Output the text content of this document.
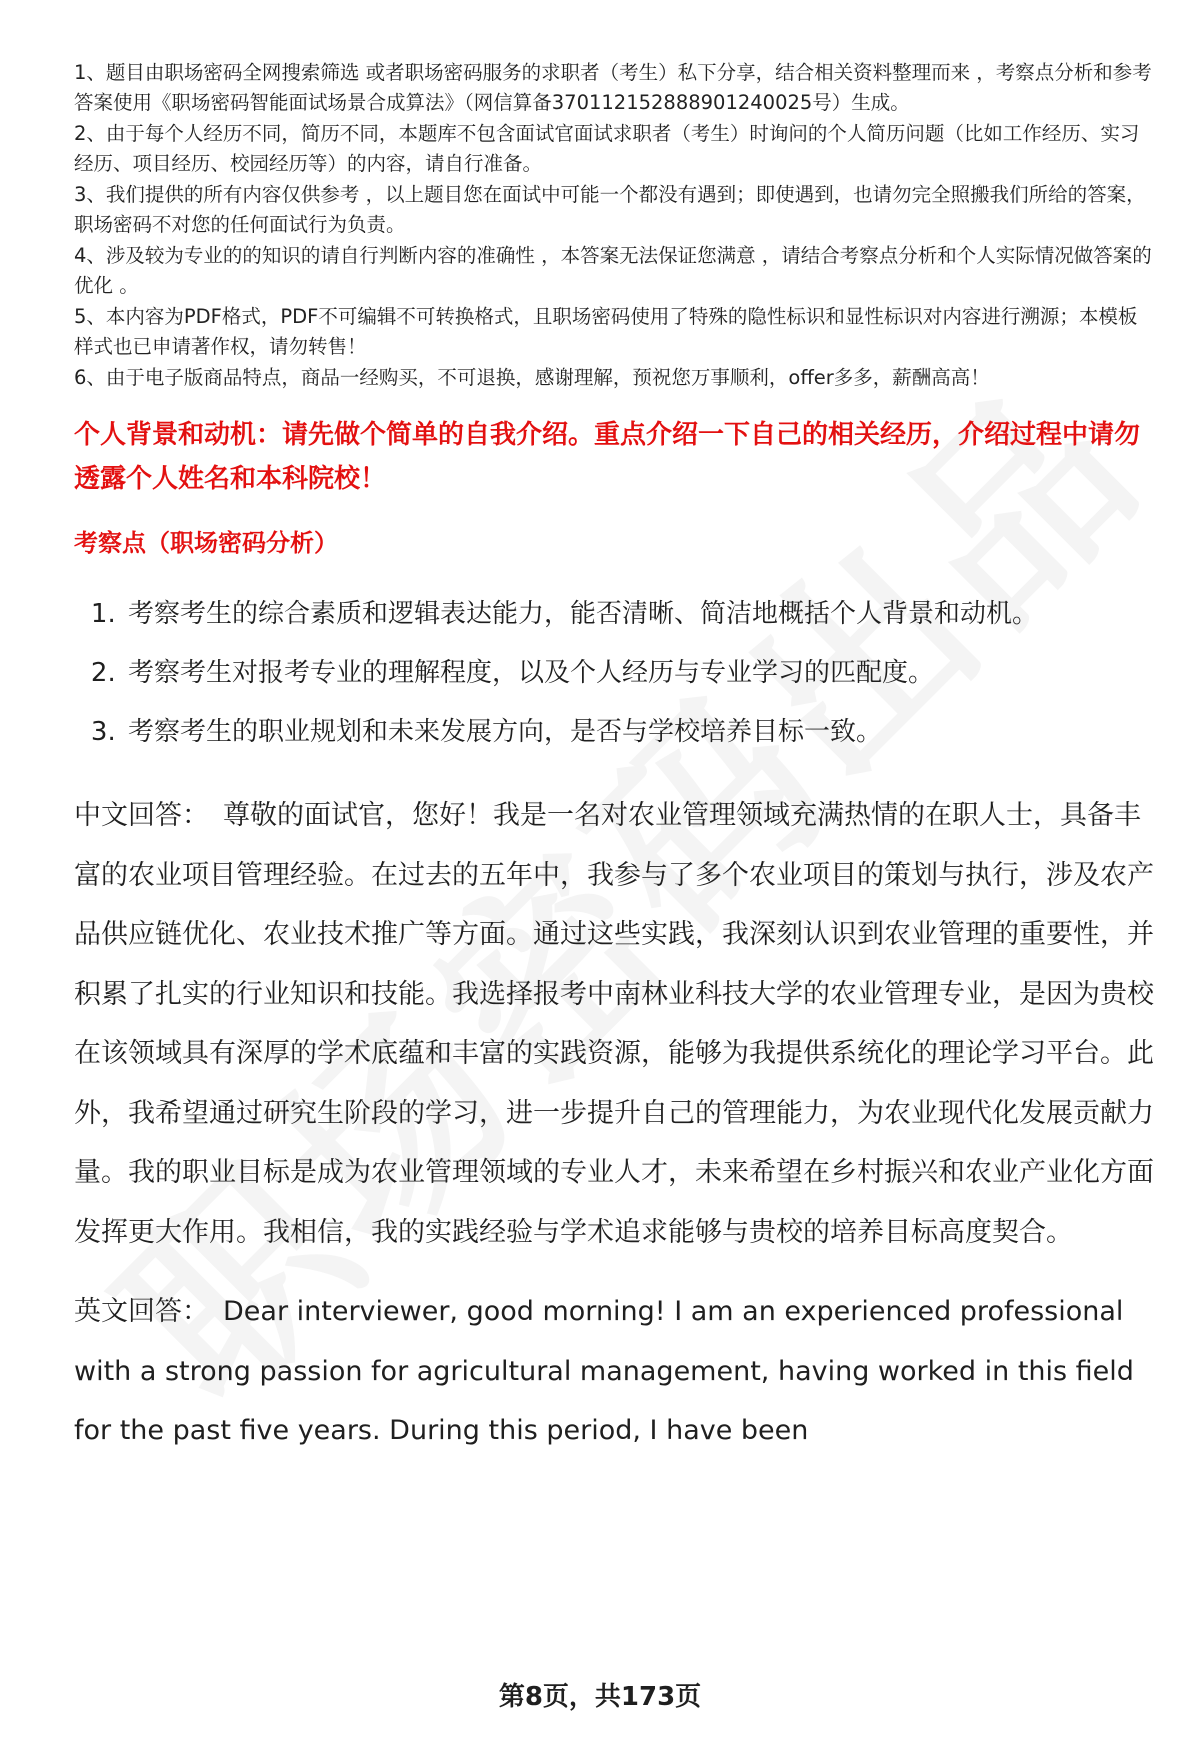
1、题目由职场密码全网搜索筛选 或者职场密码服务的求职者（考生）私下分享，结合相关资料整理而来 ，考察点分析和参考答案使用《职场密码智能面试场景合成算法》（网信算备370112152888901240025号）生成。

2、由于每个人经历不同，简历不同，本题库不包含面试官面试求职者（考生）时询问的个人简历问题（比如工作经历、实习经历、项目经历、校园经历等）的内容，请自行准备。

3、我们提供的所有内容仅供参考 ，以上题目您在面试中可能一个都没有遇到；即使遇到，也请勿完全照搬我们所给的答案，职场密码不对您的任何面试行为负责。

4、涉及较为专业的的知识的请自行判断内容的准确性 ，本答案无法保证您满意 ，请结合考察点分析和个人实际情况做答案的优化 。

5、本内容为PDF格式，PDF不可编辑不可转换格式，且职场密码使用了特殊的隐性标识和显性标识对内容进行溯源；本模板样式也已申请著作权，请勿转售！

6、由于电子版商品特点，商品一经购买，不可退换，感谢理解，预祝您万事顺利，offer多多，薪酬高高！

个人背景和动机：请先做个简单的自我介绍。重点介绍一下自己的相关经历，介绍过程中请勿透露个人姓名和本科院校！
考察点（职场密码分析）
1. 考察考生的综合素质和逻辑表达能力，能否清晰、简洁地概括个人背景和动机。
2. 考察考生对报考专业的理解程度，以及个人经历与专业学习的匹配度。
3. 考察考生的职业规划和未来发展方向，是否与学校培养目标一致。

中文回答： 尊敬的面试官，您好！我是一名对农业管理领域充满热情的在职人士，具备丰富的农业项目管理经验。在过去的五年中，我参与了多个农业项目的策划与执行，涉及农产品供应链优化、农业技术推广等方面。通过这些实践，我深刻认识到农业管理的重要性，并积累了扎实的行业知识和技能。我选择报考中南林业科技大学的农业管理专业，是因为贵校在该领域具有深厚的学术底蕴和丰富的实践资源，能够为我提供系统化的理论学习平台。此外，我希望通过研究生阶段的学习，进一步提升自己的管理能力，为农业现代化发展贡献力量。我的职业目标是成为农业管理领域的专业人才，未来希望在乡村振兴和农业产业化方面发挥更大作用。我相信，我的实践经验与学术追求能够与贵校的培养目标高度契合。

英文回答： Dear interviewer, good morning! I am an experienced professional with a strong passion for agricultural management, having worked in this field for the past five years. During this period, I have been

第8页，共173页
